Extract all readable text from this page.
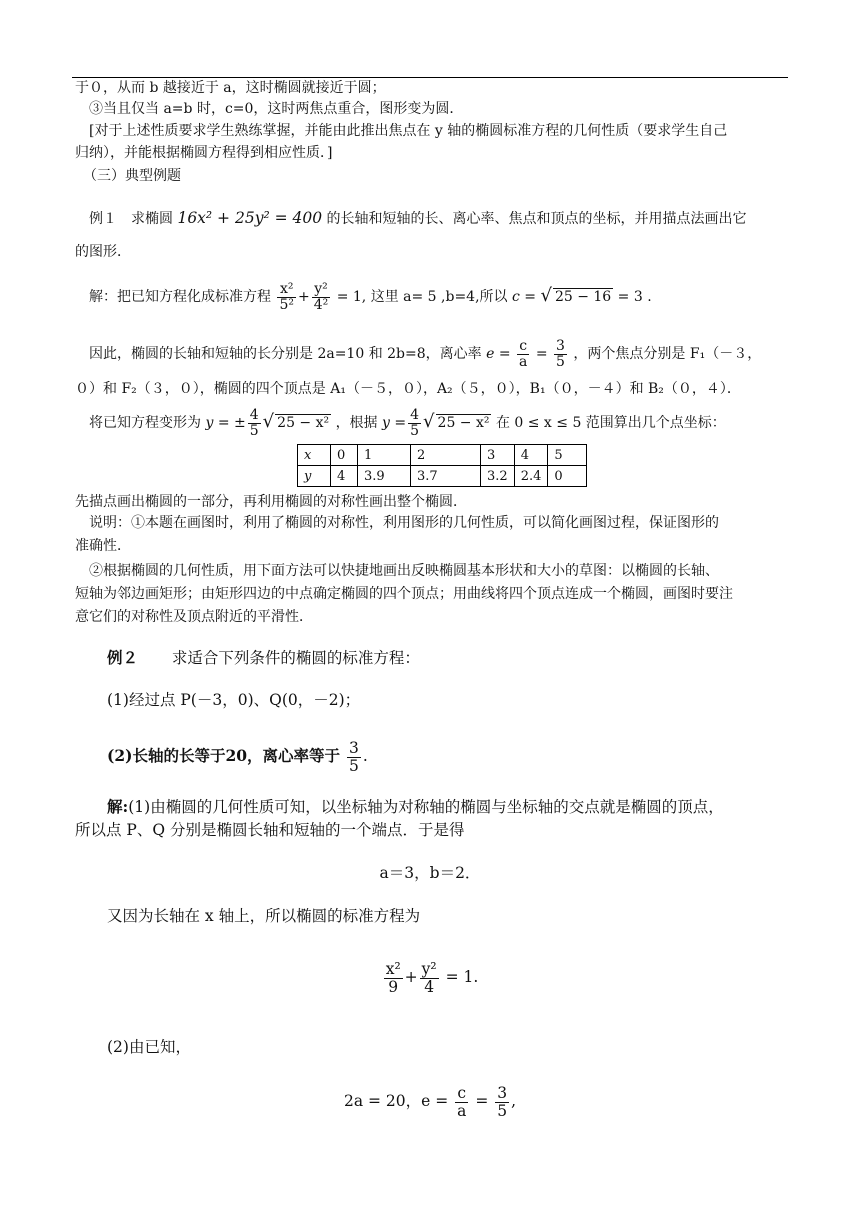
于０，从而 b 越接近于 a，这时椭圆就接近于圆；
③当且仅当 a=b 时，c=0，这时两焦点重合，图形变为圆．
[对于上述性质要求学生熟练掌握，并能由此推出焦点在 y 轴的椭圆标准方程的几何性质（要求学生自己
归纳），并能根据椭圆方程得到相应性质．]
（三）典型例题
例１　求椭圆 16x² + 25y² = 400 的长轴和短轴的长、离心率、焦点和顶点的坐标，并用描点法画出它
的图形．
解：把已知方程化成标准方程 $\frac{\text{x²}}{\text{5²}} + \frac{\text{y²}}{\text{4²}} = 1$, 这里 a= 5 ,b=4,所以 c = √ 25 − 16 = 3 .
因此，椭圆的长轴和短轴的长分别是 2a=10 和 2b=8，离心率 $e = \frac{c}{a} = \frac{3}{5}$ ，两个焦点分别是 F₁（－３，
０）和 F₂（３，０），椭圆的四个顶点是 A₁（－５，０），A₂（５，０），B₁（０，－４）和 B₂（０，４）．
将已知方程变形为 y = ± $\frac{4}{5}$ √ 25 − x² ，根据 $y = \frac{4}{5}$ √ 25 − x² 在 0 ≤ x ≤ 5 范围算出几个点坐标：
x	0	1	2	3	4	5
y	4	3.9	3.7	3.2	2.4	0
先描点画出椭圆的一部分，再利用椭圆的对称性画出整个椭圆．
说明：①本题在画图时，利用了椭圆的对称性，利用图形的几何性质，可以简化画图过程，保证图形的
准确性．
②根据椭圆的几何性质，用下面方法可以快捷地画出反映椭圆基本形状和大小的草图：以椭圆的长轴、
短轴为邻边画矩形；由矩形四边的中点确定椭圆的四个顶点；用曲线将四个顶点连成一个椭圆，画图时要注
意它们的对称性及顶点附近的平滑性．
例２ 求适合下列条件的椭圆的标准方程：
(1)经过点 P(－3，0)、Q(0，－2)；
(2)长轴的长等于20，离心率等于 $\frac{3}{5}$ .
解:(1)由椭圆的几何性质可知，以坐标轴为对称轴的椭圆与坐标轴的交点就是椭圆的顶点，
所以点 P、Q 分别是椭圆长轴和短轴的一个端点．于是得
a＝3，b＝2．
又因为长轴在 x 轴上，所以椭圆的标准方程为
$\frac{\text{x²}}{9} + \frac{\text{y²}}{4} = 1$.
(2)由已知，
2a = 20，$e = \frac{c}{a} = \frac{3}{5}$ ,
